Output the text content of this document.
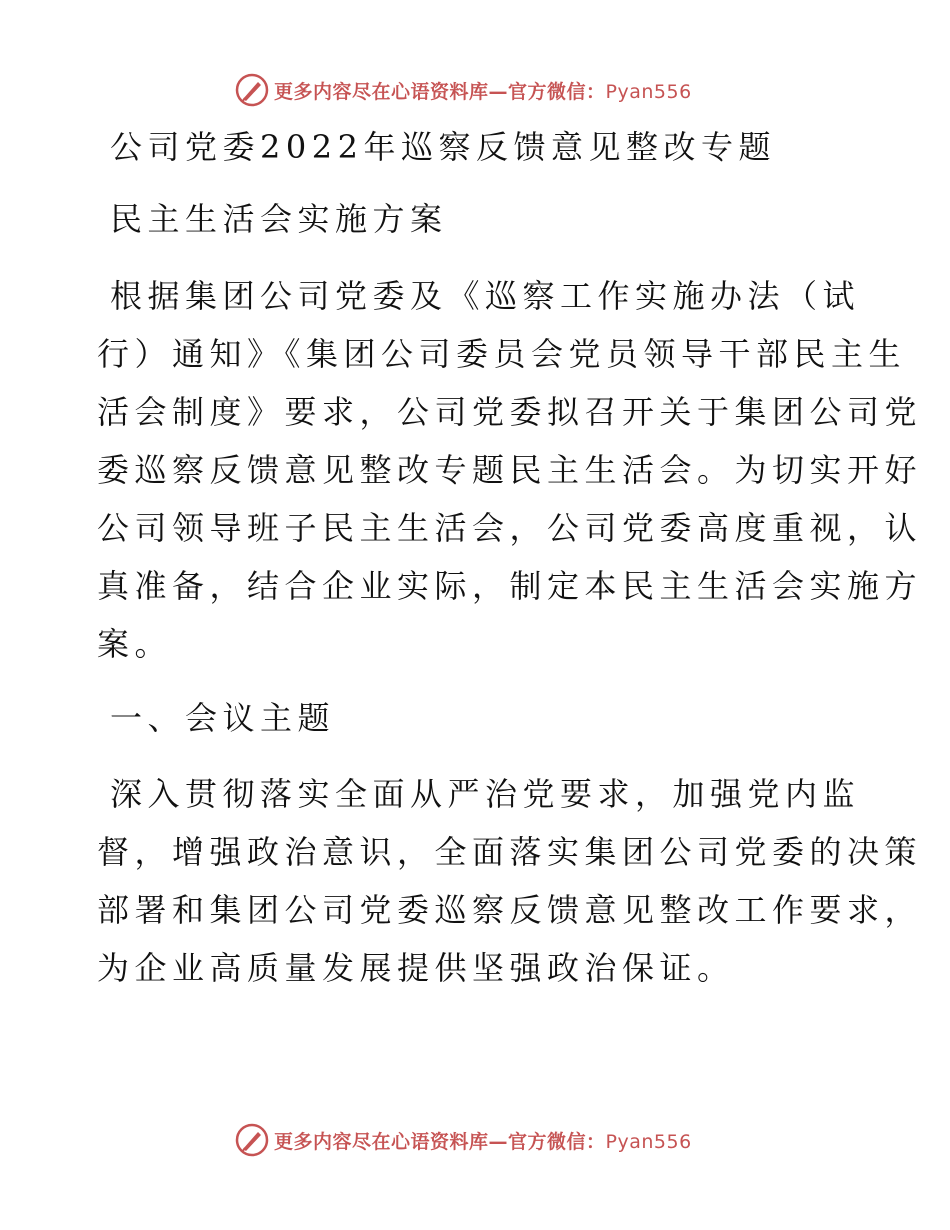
更多内容尽在心语资料库—官方微信：Pyan556
公司党委2022年巡察反馈意见整改专题
民主生活会实施方案
根据集团公司党委及《巡察工作实施办法（试
行）通知》《集团公司委员会党员领导干部民主生
活会制度》要求，公司党委拟召开关于集团公司党
委巡察反馈意见整改专题民主生活会。为切实开好
公司领导班子民主生活会，公司党委高度重视，认
真准备，结合企业实际，制定本民主生活会实施方
案。
一、会议主题
深入贯彻落实全面从严治党要求，加强党内监
督，增强政治意识，全面落实集团公司党委的决策
部署和集团公司党委巡察反馈意见整改工作要求，
为企业高质量发展提供坚强政治保证。
更多内容尽在心语资料库—官方微信：Pyan556
